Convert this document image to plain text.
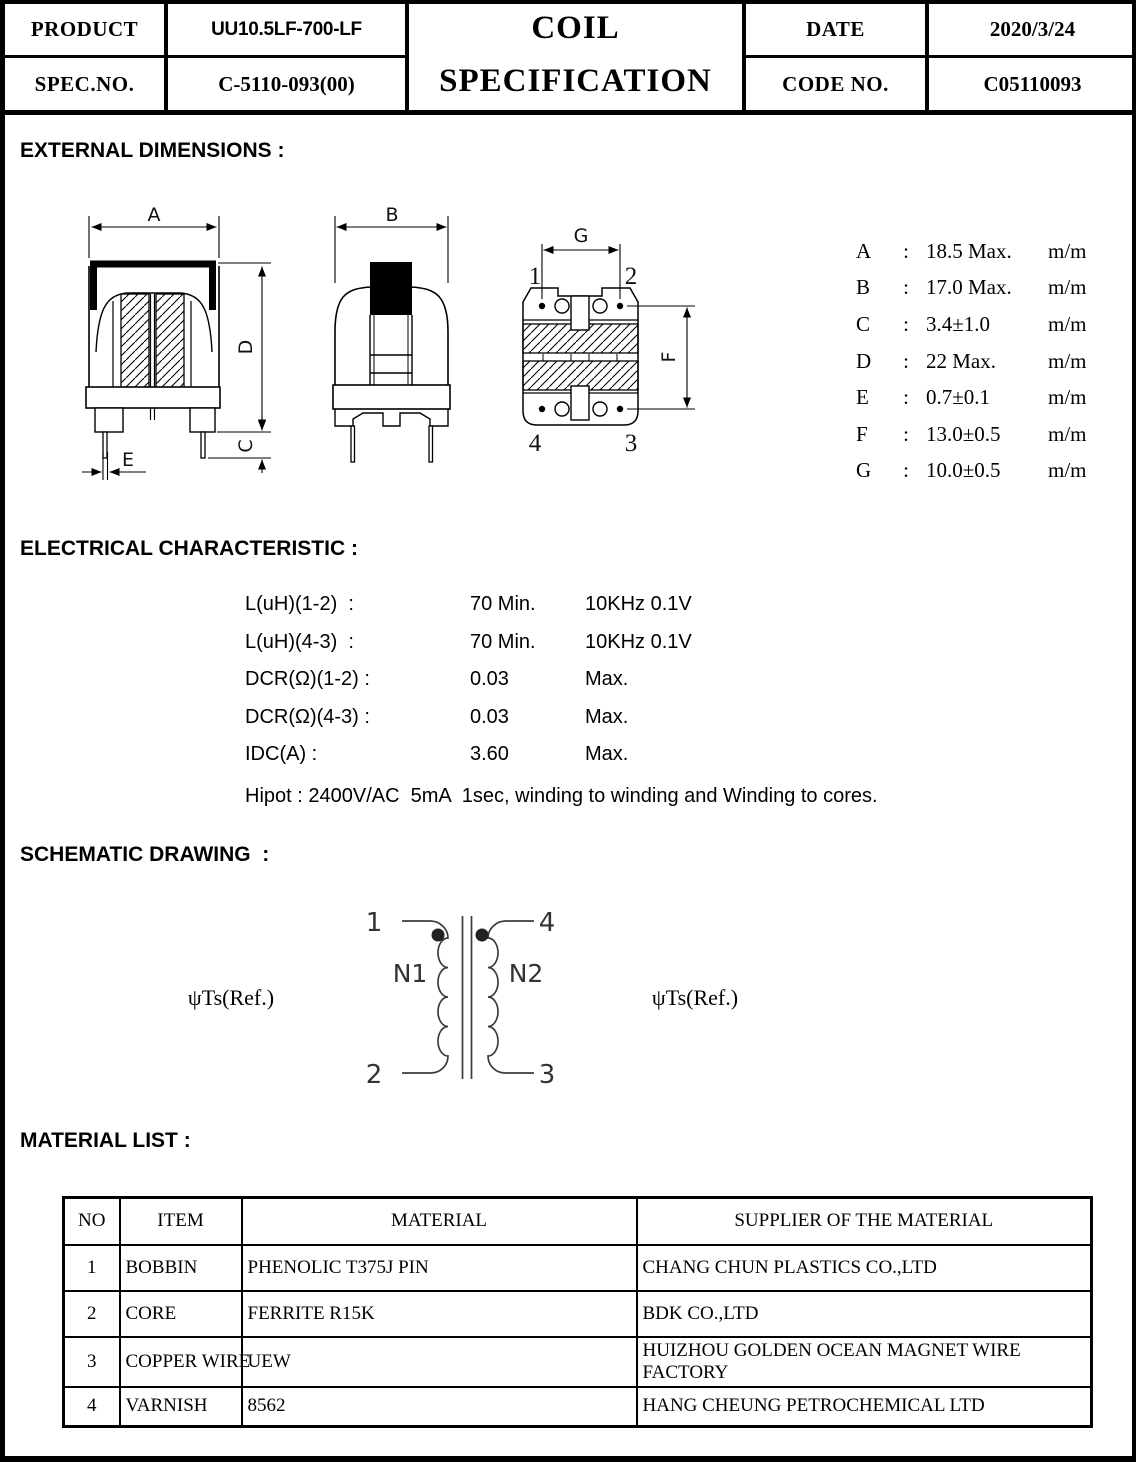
PRODUCT	UU10.5LF-700-LF
SPEC.NO.	C-5110-093(00)
COIL
SPECIFICATION
DATE	2020/3/24
CODE NO.	C05110093
EXTERNAL DIMENSIONS :
ELECTRICAL CHARACTERISTIC :
SCHEMATIC DRAWING  :
MATERIAL LIST :
A
D
C
E
B
G
F
1	2
4	3
A	: 18.5 Max.	m/m
B	: 17.0 Max.	m/m
C	: 3.4±1.0	m/m
D	: 22 Max.	m/m
E	: 0.7±0.1	m/m
F	: 13.0±0.5	m/m
G	: 10.0±0.5	m/m
L(uH)(1-2)  :	70 Min.	10KHz 0.1V
L(uH)(4-3)  :	70 Min.	10KHz 0.1V
DCR(Ω)(1-2) :	0.03	Max.
DCR(Ω)(4-3) :	0.03	Max.
IDC(A) :	3.60	Max.
Hipot : 2400V/AC  5mA  1sec, winding to winding and Winding to cores.
1	4
2	3
N1	N2
ψTs(Ref.)	ψTs(Ref.)
NO	ITEM	MATERIAL	SUPPLIER OF THE MATERIAL
1	BOBBIN	PHENOLIC T375J PIN	CHANG CHUN PLASTICS CO.,LTD
2	CORE	FERRITE R15K	BDK CO.,LTD
3	COPPER WIRE	UEW	HUIZHOU GOLDEN OCEAN MAGNET WIRE FACTORY
4	VARNISH	8562	HANG CHEUNG PETROCHEMICAL LTD
